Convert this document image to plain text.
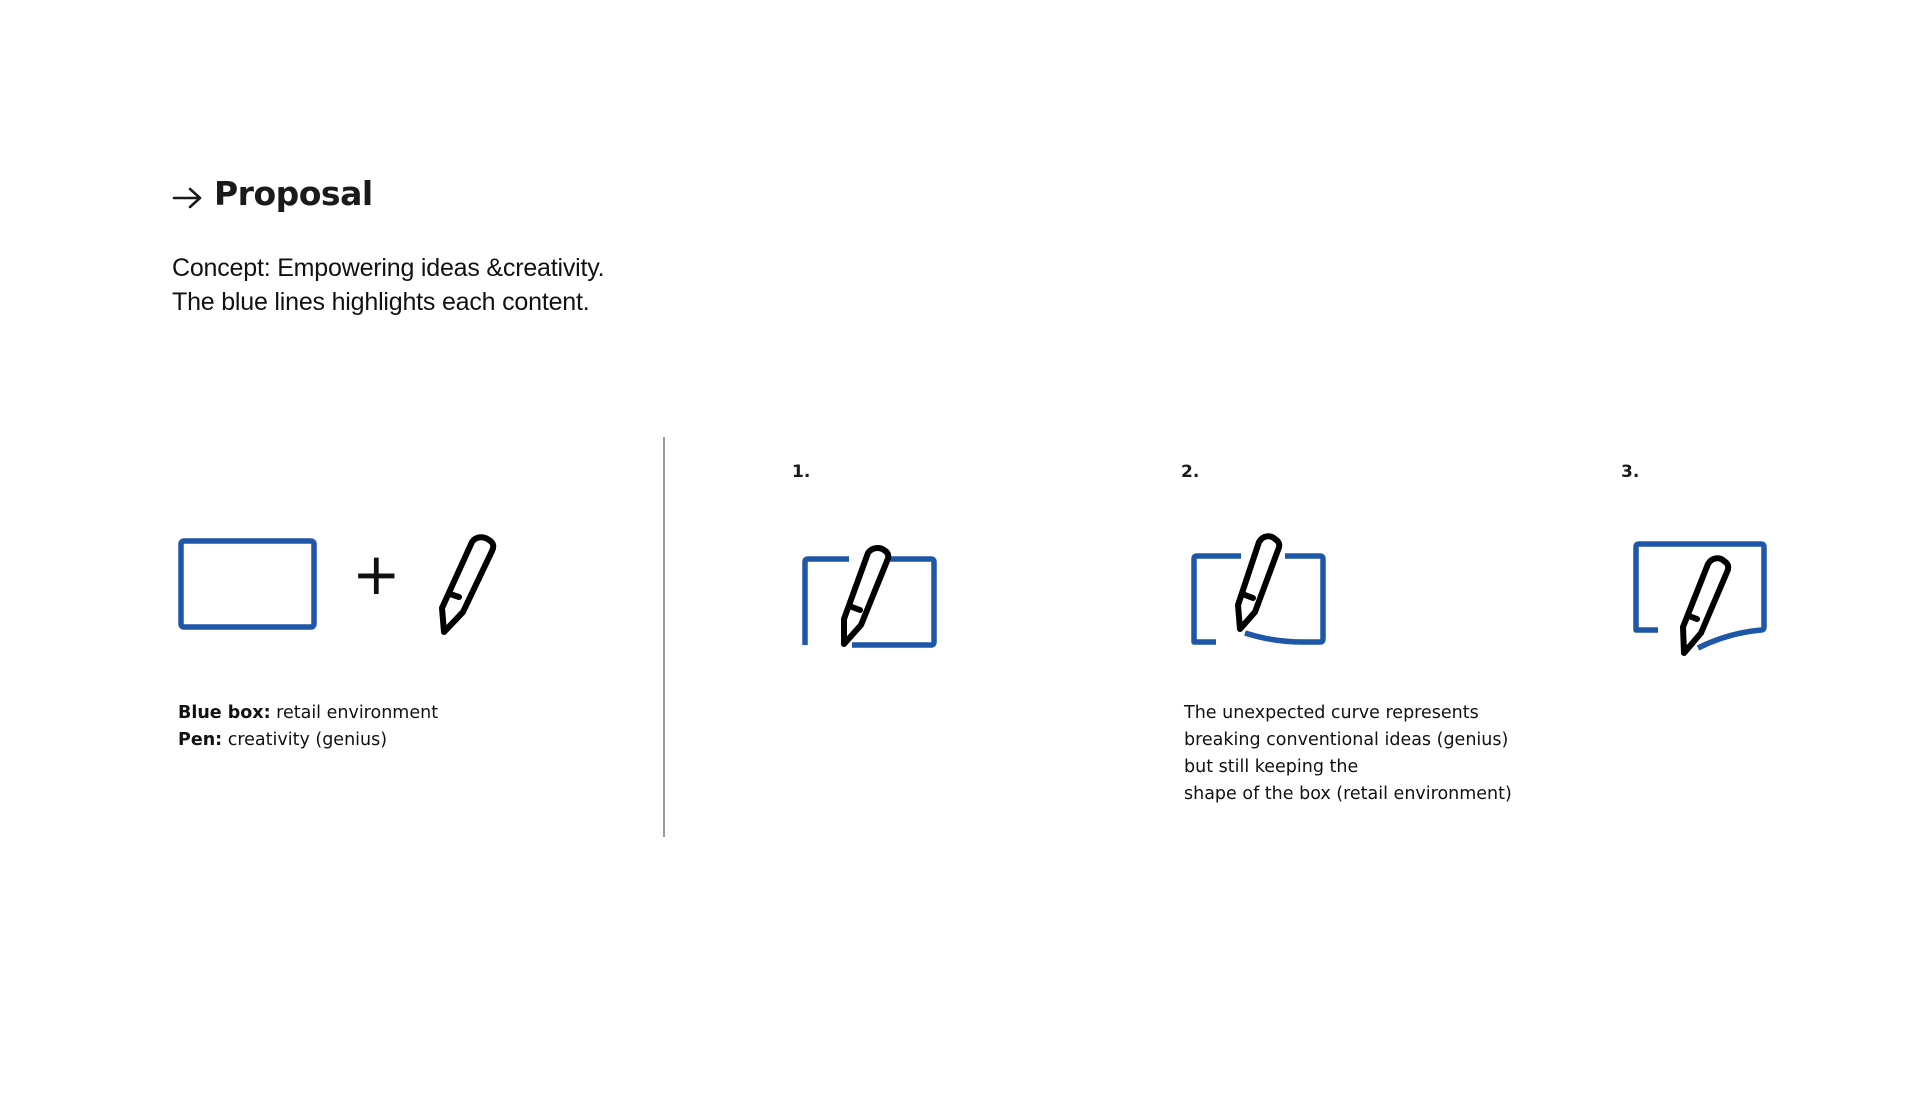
Proposal
Concept: Empowering ideas &creativity.
The blue lines highlights each content.
+
Blue box: retail environment
Pen: creativity (genius)
1.	2.	3.
The unexpected curve represents
breaking conventional ideas (genius)
but still keeping the
shape of the box (retail environment)
